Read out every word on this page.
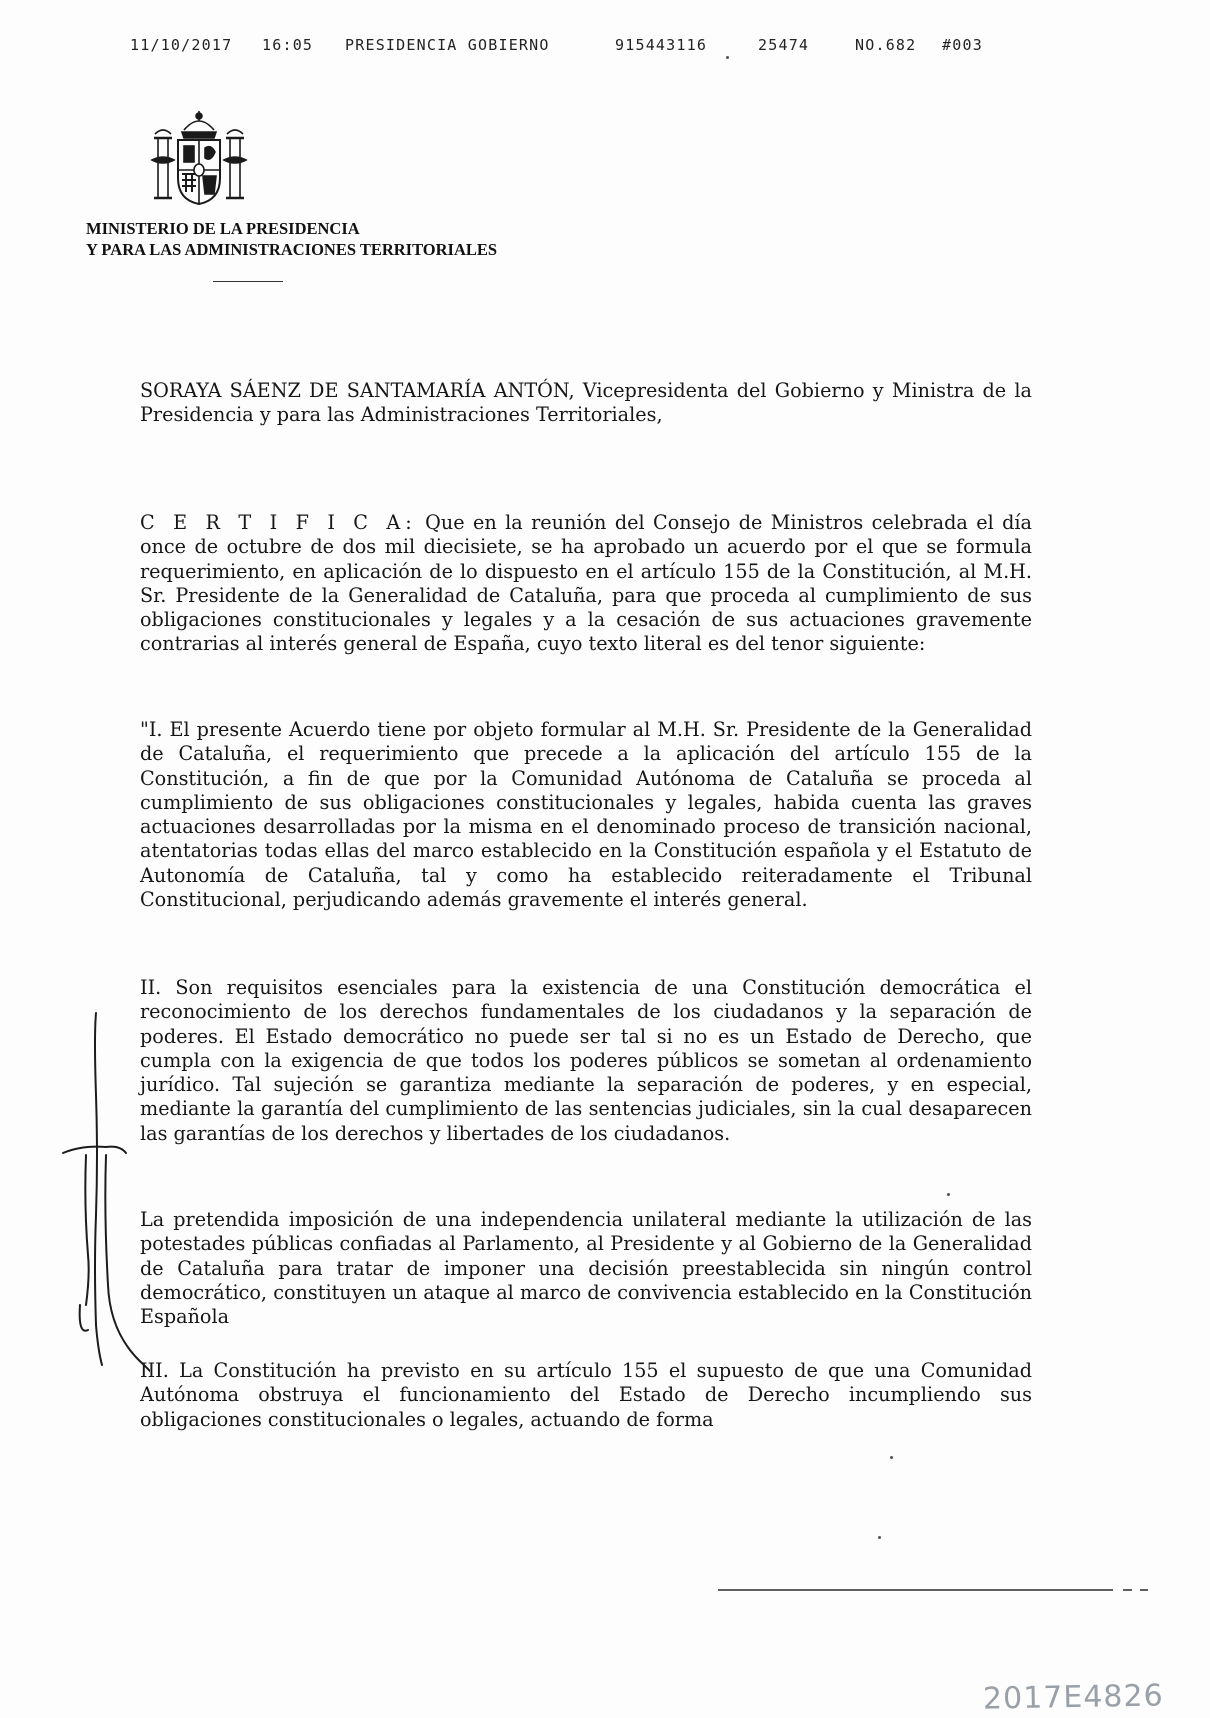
11/10/2017 16:05 PRESIDENCIA GOBIERNO	915443116	25474	NO.682 #003
MINISTERIO DE LA PRESIDENCIA
Y PARA LAS ADMINISTRACIONES TERRITORIALES
SORAYA SÁENZ DE SANTAMARÍA ANTÓN, Vicepresidenta del Gobierno y Ministra de la Presidencia y para las Administraciones Territoriales,
C E R T I F I C A: Que en la reunión del Consejo de Ministros celebrada el día once de octubre de dos mil diecisiete, se ha aprobado un acuerdo por el que se formula requerimiento, en aplicación de lo dispuesto en el artículo 155 de la Constitución, al M.H. Sr. Presidente de la Generalidad de Cataluña, para que proceda al cumplimiento de sus obligaciones constitucionales y legales y a la cesación de sus actuaciones gravemente contrarias al interés general de España, cuyo texto literal es del tenor siguiente:
"I. El presente Acuerdo tiene por objeto formular al M.H. Sr. Presidente de la Generalidad de Cataluña, el requerimiento que precede a la aplicación del artículo 155 de la Constitución, a fin de que por la Comunidad Autónoma de Cataluña se proceda al cumplimiento de sus obligaciones constitucionales y legales, habida cuenta las graves actuaciones desarrolladas por la misma en el denominado proceso de transición nacional, atentatorias todas ellas del marco establecido en la Constitución española y el Estatuto de Autonomía de Cataluña, tal y como ha establecido reiteradamente el Tribunal Constitucional, perjudicando además gravemente el interés general.
II. Son requisitos esenciales para la existencia de una Constitución democrática el reconocimiento de los derechos fundamentales de los ciudadanos y la separación de poderes. El Estado democrático no puede ser tal si no es un Estado de Derecho, que cumpla con la exigencia de que todos los poderes públicos se sometan al ordenamiento jurídico. Tal sujeción se garantiza mediante la separación de poderes, y en especial, mediante la garantía del cumplimiento de las sentencias judiciales, sin la cual desaparecen las garantías de los derechos y libertades de los ciudadanos.
La pretendida imposición de una independencia unilateral mediante la utilización de las potestades públicas confiadas al Parlamento, al Presidente y al Gobierno de la Generalidad de Cataluña para tratar de imponer una decisión preestablecida sin ningún control democrático, constituyen un ataque al marco de convivencia establecido en la Constitución Española
III. La Constitución ha previsto en su artículo 155 el supuesto de que una Comunidad Autónoma obstruya el funcionamiento del Estado de Derecho incumpliendo sus obligaciones constitucionales o legales, actuando de forma
2017E4826
